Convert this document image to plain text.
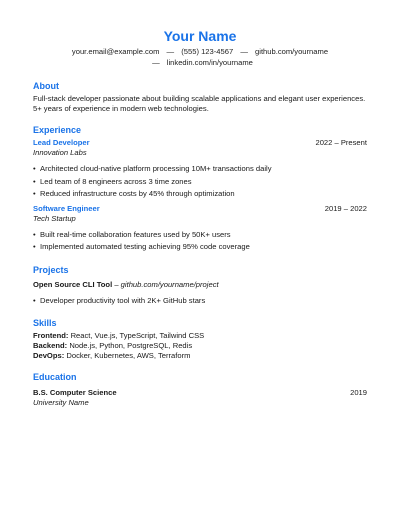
Your Name
your.email@example.com — (555) 123-4567 — github.com/yourname
— linkedin.com/in/yourname
About
Full-stack developer passionate about building scalable applications and elegant user experiences. 5+ years of experience in modern web technologies.
Experience
Lead Developer	2022 – Present
Innovation Labs
• Architected cloud-native platform processing 10M+ transactions daily
• Led team of 8 engineers across 3 time zones
• Reduced infrastructure costs by 45% through optimization
Software Engineer	2019 – 2022
Tech Startup
• Built real-time collaboration features used by 50K+ users
• Implemented automated testing achieving 95% code coverage
Projects
Open Source CLI Tool – github.com/yourname/project
• Developer productivity tool with 2K+ GitHub stars
Skills
Frontend: React, Vue.js, TypeScript, Tailwind CSS
Backend: Node.js, Python, PostgreSQL, Redis
DevOps: Docker, Kubernetes, AWS, Terraform
Education
B.S. Computer Science	2019
University Name
